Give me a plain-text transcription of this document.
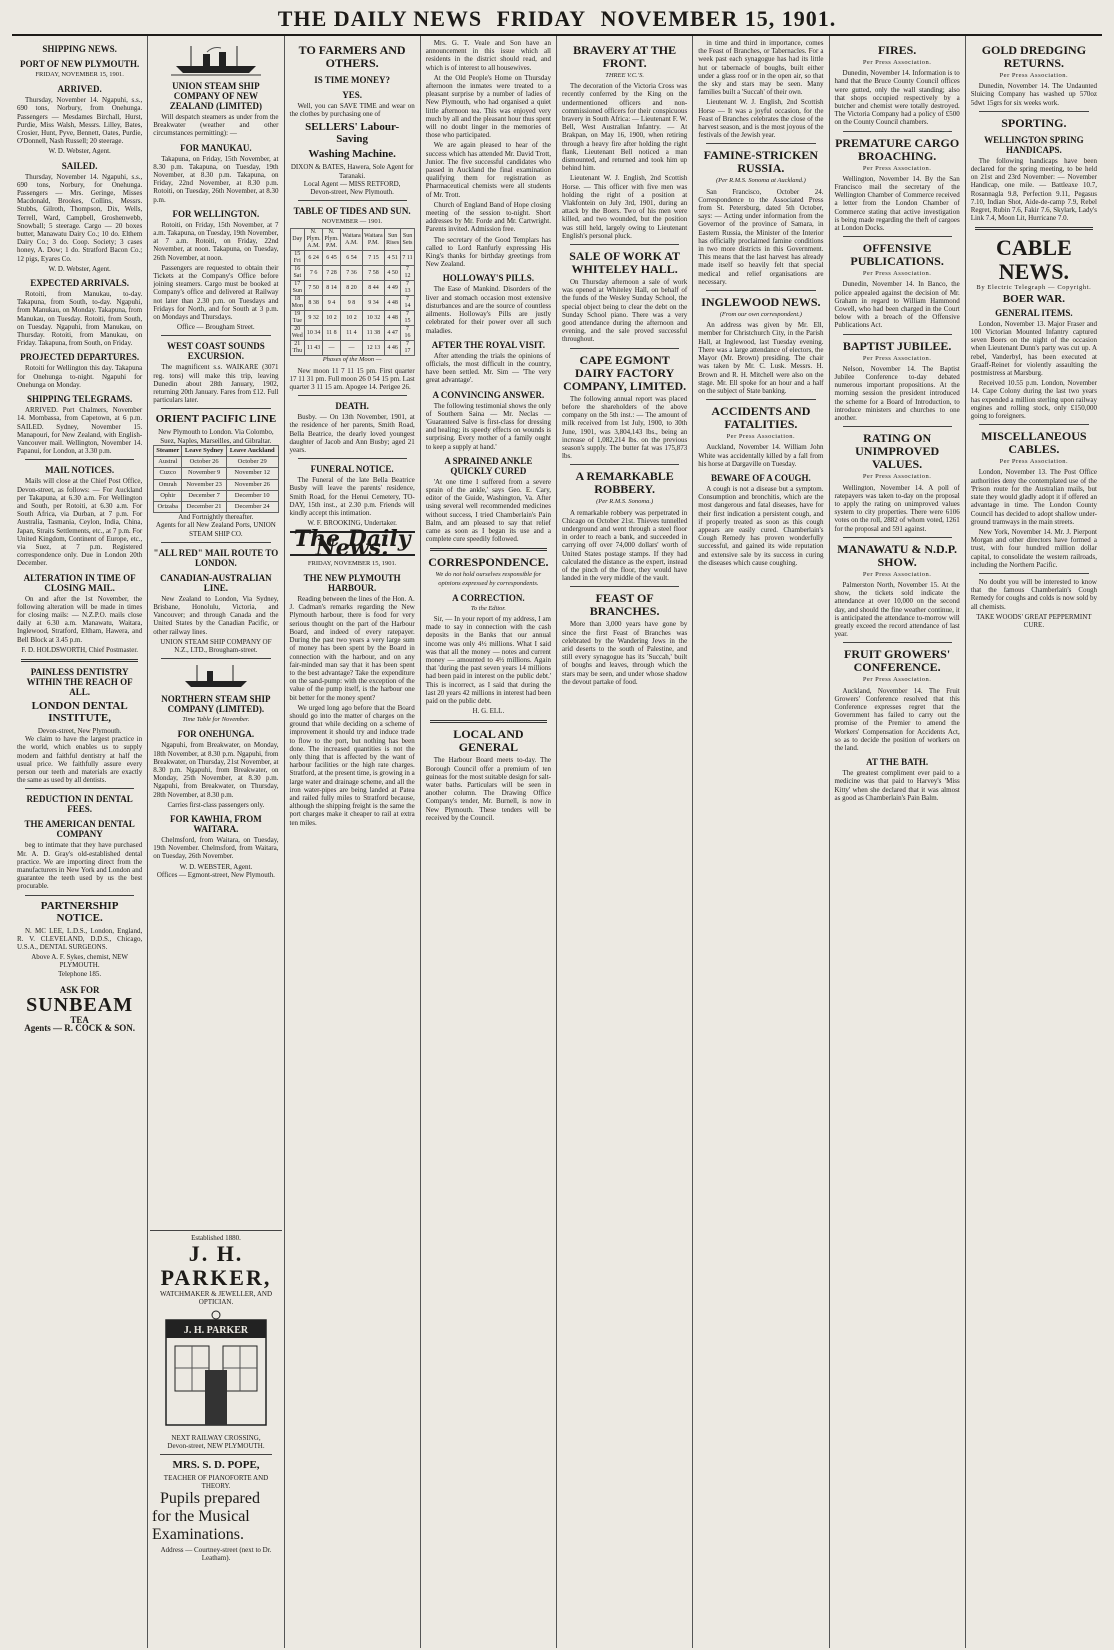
THE DAILY NEWS FRIDAY NOVEMBER 15, 1901.
SHIPPING NEWS.
PORT OF NEW PLYMOUTH.
FRIDAY, NOVEMBER 15, 1901.
ARRIVED.

Thursday, November 14. Ngapuhi, s.s., 690 tons, Norbury, from Onehunga. Passengers — Mesdames Birchall, Hurst, Purdie, Miss Walsh, Messrs. Lilley, Bates, Crosier, Hunt, Pyve, Bennett, Oates, Purdie, O'Donnell, Nash Russell; 20 steerage.

W. D. Webster, Agent.
SAILED.

Thursday, November 14. Ngapuhi, s.s., 690 tons, Norbury, for Onehunga. Passengers — Mrs. Geringe, Misses Macdonald, Brookes, Collins, Messrs. Stubbs, Gilroth, Thompson, Dix, Wells, Terrell, Ward, Campbell, Groshenwebb, Snowball; 5 steerage. Cargo — 20 boxes butter, Manawatu Dairy Co.; 10 do. Elthem Dairy Co.; 3 do. Coop. Society; 3 cases honey, A. Dow; 1 do. Stratford Bacon Co.; 12 pigs, Eyares Co.

W. D. Webster, Agent.
EXPECTED ARRIVALS.

Rotoiti, from Manukau, to-day. Takapuna, from South, to-day. Ngapuhi, from Manukau, on Monday. Takapuna, from Manukau, on Tuesday. Rotoiti, from South, on Tuesday. Ngapuhi, from Manukau, on Thursday. Rotoiti, from Manukau, on Friday. Takapuna, from South, on Friday.

PROJECTED DEPARTURES.

Rotoiti for Wellington this day. Takapuna for Onehunga to-night. Ngapuhi for Onehunga on Monday.

SHIPPING TELEGRAMS.

ARRIVED. Port Chalmers, November 14. Mombassa, from Capetown, at 6 p.m. SAILED. Sydney, November 15. Manapouri, for New Zealand, with English-Vancouver mail. Wellington, November 14. Papanui, for London, at 3.30 p.m.

MAIL NOTICES.

Mails will close at the Chief Post Office, Devon-street, as follows: — For Auckland per Takapuna, at 6.30 a.m. For Wellington and South, per Rotoiti, at 6.30 a.m. For South Africa, via Durban, at 7 p.m. For Australia, Tasmania, Ceylon, India, China, Japan, Straits Settlements, etc., at 7 p.m. For United Kingdom, Continent of Europe, etc., via Suez, at 7 p.m. Registered correspondence only. Due in London 20th December.

ALTERATION IN TIME OF CLOSING MAIL.

On and after the 1st November, the following alteration will be made in times for closing mails: — N.Z.P.O. mails close daily at 6.30 a.m. Manawatu, Waitara, Inglewood, Stratford, Eltham, Hawera, and Bell Block at 3.45 p.m.

F. D. HOLDSWORTH, Chief Postmaster.
PAINLESS DENTISTRY WITHIN THE REACH OF ALL.
LONDON DENTAL INSTITUTE,
Devon-street, New Plymouth.

We claim to have the largest practice in the world, which enables us to supply modern and faithful dentistry at half the usual price. We faithfully assure every person our teeth and materials are exactly the same as used by all dentists.

REDUCTION IN DENTAL FEES.
THE AMERICAN DENTAL COMPANY

beg to intimate that they have purchased Mr. A. D. Gray's old-established dental practice. We are importing direct from the manufacturers in New York and London and guarantee the teeth used by us the best procurable.

PARTNERSHIP NOTICE.

N. MC LEE, L.D.S., London, England, R. V. CLEVELAND, D.D.S., Chicago, U.S.A., DENTAL SURGEONS.

Above A. F. Sykes, chemist, NEW PLYMOUTH.
Telephone 185.
ASK FOR
SUNBEAM
TEA
Agents — R. COCK & SON.
UNION STEAM SHIP COMPANY OF NEW ZEALAND (LIMITED)

Will despatch steamers as under from the Breakwater (weather and other circumstances permitting): —

FOR MANUKAU.

Takapuna, on Friday, 15th November, at 8.30 p.m. Takapuna, on Tuesday, 19th November, at 8.30 p.m. Takapuna, on Friday, 22nd November, at 8.30 p.m. Rotoiti, on Tuesday, 26th November, at 8.30 p.m.

FOR WELLINGTON.

Rotoiti, on Friday, 15th November, at 7 a.m. Takapuna, on Tuesday, 19th November, at 7 a.m. Rotoiti, on Friday, 22nd November, at noon. Takapuna, on Tuesday, 26th November, at noon.

Passengers are requested to obtain their Tickets at the Company's Office before joining steamers. Cargo must be booked at Company's office and delivered at Railway not later than 2.30 p.m. on Tuesdays and Fridays for North, and for South at 3 p.m. on Mondays and Thursdays.

Office — Brougham Street.
WEST COAST SOUNDS EXCURSION.

The magnificent s.s. WAIKARE (3071 reg. tons) will make this trip, leaving Dunedin about 28th January, 1902, returning 20th January. Fares from £12. Full particulars later.

ORIENT PACIFIC LINE
New Plymouth to London. Via Colombo, Suez, Naples, Marseilles, and Gibraltar.
Steamer	Leave Sydney	Leave Auckland
Austral	October 26	October 29
Cuzco	November 9	November 12
Omrah	November 23	November 26
Ophir	December 7	December 10
Orizaba	December 21	December 24
And Fortnightly thereafter.
Agents for all New Zealand Ports, UNION STEAM SHIP CO.
"ALL RED" MAIL ROUTE TO LONDON.
CANADIAN-AUSTRALIAN LINE.

New Zealand to London, Via Sydney, Brisbane, Honolulu, Victoria, and Vancouver; and through Canada and the United States by the Canadian Pacific, or other railway lines.

UNION STEAM SHIP COMPANY OF N.Z., LTD., Brougham-street.
NORTHERN STEAM SHIP COMPANY (LIMITED).
Time Table for November.
FOR ONEHUNGA.

Ngapuhi, from Breakwater, on Monday, 18th November, at 8.30 p.m. Ngapuhi, from Breakwater, on Thursday, 21st November, at 8.30 p.m. Ngapuhi, from Breakwater, on Monday, 25th November, at 8.30 p.m. Ngapuhi, from Breakwater, on Thursday, 28th November, at 8.30 p.m.

Carries first-class passengers only.
FOR KAWHIA, FROM WAITARA.

Chelmsford, from Waitara, on Tuesday, 19th November. Chelmsford, from Waitara, on Tuesday, 26th November.

W. D. WEBSTER, Agent.
Offices — Egmont-street, New Plymouth.
TO FARMERS AND OTHERS.
IS TIME MONEY?
YES.

Well, you can SAVE TIME and wear on the clothes by purchasing one of

SELLERS' Labour-Saving
Washing Machine.
DIXON & BATES, Hawera, Sole Agent for Taranaki.
Local Agent — MISS RETFORD,
Devon-street, New Plymouth.
TABLE OF TIDES AND SUN.
NOVEMBER — 1901.
Day	N. Plym. A.M.	N. Plym. P.M.	Waitara A.M.	Waitara P.M.	Sun Rises	Sun Sets
15 Fri	6 24	6 45	6 54	7 15	4 51	7 11
16 Sat	7 6	7 28	7 36	7 58	4 50	7 12
17 Sun	7 50	8 14	8 20	8 44	4 49	7 13
18 Mon	8 38	9 4	9 8	9 34	4 48	7 14
19 Tue	9 32	10 2	10 2	10 32	4 48	7 15
20 Wed	10 34	11 8	11 4	11 38	4 47	7 16
21 Thu	11 43	—	—	12 13	4 46	7 17
Phases of the Moon —

New moon 11 7 11 15 pm. First quarter 17 11 31 pm. Full moon 26 0 54 15 pm. Last quarter 3 11 15 am. Apogee 14. Perigee 26.

DEATH.

Busby. — On 13th November, 1901, at the residence of her parents, Smith Road, Bella Beatrice, the dearly loved youngest daughter of Jacob and Ann Busby; aged 21 years.

FUNERAL NOTICE.

The Funeral of the late Bella Beatrice Busby will leave the parents' residence, Smith Road, for the Henui Cemetery, TO-DAY, 15th inst., at 2.30 p.m. Friends will kindly accept this intimation.

W. F. BROOKING, Undertaker.
The Daily News.
FRIDAY, NOVEMBER 15, 1901.
THE NEW PLYMOUTH HARBOUR.

Reading between the lines of the Hon. A. J. Cadman's remarks regarding the New Plymouth harbour, there is food for very serious thought on the part of the Harbour Board, and indeed of every ratepayer. During the past two years a very large sum of money has been spent by the Board in connection with the harbour, and on any fair-minded man say that it has been spent to the best advantage? Take the expenditure on the sand-pump: with the exception of the value of the pump itself, is the harbour one bit better for the money spent?

We urged long ago before that the Board should go into the matter of charges on the ground that while deciding on a scheme of improvement it should try and induce trade to flow to the port, but nothing has been done. The increased quantities is not the only thing that is affected by the want of harbour facilities or the high rate charges. Stratford, at the present time, is growing in a large water and drainage scheme, and all the iron water-pipes are being landed at Patea and railed fully miles to Stratford because, although the shipping freight is the same the port charges make it cheaper to rail at extra ten miles.

Mrs. G. T. Veale and Son have an announcement in this issue which all residents in the district should read, and which is of interest to all housewives.

At the Old People's Home on Thursday afternoon the inmates were treated to a pleasant surprise by a number of ladies of New Plymouth, who had organised a quiet little afternoon tea. This was enjoyed very much by all and the pleasant hour thus spent will no doubt linger in the memories of those who participated.

We are again pleased to hear of the success which has attended Mr. David Trott, Junior. The five successful candidates who passed in Auckland the final examination qualifying them for registration as Pharmaceutical chemists were all students of Mr. Trott.

Church of England Band of Hope closing meeting of the session to-night. Short addresses by Mr. Forde and Mr. Cartwright. Parents invited. Admission free.

The secretary of the Good Templars has called to Lord Ranfurly expressing His King's thanks for birthday greetings from New Zealand.

HOLLOWAY'S PILLS.

The Ease of Mankind. Disorders of the liver and stomach occasion most extensive disturbances and are the source of countless ailments. Holloway's Pills are justly celebrated for their power over all such maladies.

AFTER THE ROYAL VISIT.

After attending the trials the opinions of officials, the most difficult in the country, have been settled. Mr. Sim — 'The very great advantage'.

A CONVINCING ANSWER.

The following testimonial shows the only of Southern Saina — Mr. Neclas — 'Guaranteed Salve is first-class for dressing and healing; its speedy effects on wounds is surprising. Every mother of a family ought to keep a supply at hand.'

A SPRAINED ANKLE QUICKLY CURED

'At one time I suffered from a severe sprain of the ankle,' says Geo. E. Cary, editor of the Guide, Washington, Va. After using several well recommended medicines without success, I tried Chamberlain's Pain Balm, and am pleased to say that relief came as soon as I began its use and a complete cure speedily followed.

CORRESPONDENCE.
We do not hold ourselves responsible for opinions expressed by correspondents.
A CORRECTION.
To the Editor.

Sir, — In your report of my address, I am made to say in connection with the cash deposits in the Banks that our annual income was only 4½ millions. What I said was that all the money — notes and current money — amounted to 4½ millions. Again that 'during the past seven years 14 millions had been paid in interest on the public debt.' This is incorrect, as I said that during the last 20 years 42 millions in interest had been paid on the public debt.

H. G. ELL.
LOCAL AND GENERAL

The Harbour Board meets to-day. The Borough Council offer a premium of ten guineas for the most suitable design for salt-water baths. Particulars will be seen in another column. The Drawing Office Company's tender, Mr. Burnell, is now in New Plymouth. These tenders will be received by the Council.

BRAVERY AT THE FRONT.
THREE V.C.'S.

The decoration of the Victoria Cross was recently conferred by the King on the undermentioned officers and non-commissioned officers for their conspicuous bravery in South Africa: — Lieutenant F. W. Bell, West Australian Infantry. — At Brakpan, on May 16, 1900, when retiring through a heavy fire after holding the right flank, Lieutenant Bell noticed a man dismounted, and returned and took him up behind him.

Lieutenant W. J. English, 2nd Scottish Horse. — This officer with five men was holding the right of a position at Vlakfontein on July 3rd, 1901, during an attack by the Boers. Two of his men were killed, and two wounded, but the position was still held, largely owing to Lieutenant English's personal pluck.

SALE OF WORK AT WHITELEY HALL.

On Thursday afternoon a sale of work was opened at Whiteley Hall, on behalf of the funds of the Wesley Sunday School, the special object being to clear the debt on the Sunday School piano. There was a very good attendance during the afternoon and evening, and the sale proved successful throughout.

CAPE EGMONT DAIRY FACTORY COMPANY, LIMITED.

The following annual report was placed before the shareholders of the above company on the 5th inst.: — The amount of milk received from 1st July, 1900, to 30th June, 1901, was 3,804,143 lbs., being an increase of 1,082,214 lbs. on the previous season's supply. The butter fat was 175,873 lbs.

A REMARKABLE ROBBERY.
(Per R.M.S. Sonoma.)

A remarkable robbery was perpetrated in Chicago on October 21st. Thieves tunnelled underground and went through a steel floor in order to reach a bank, and succeeded in carrying off over 74,000 dollars' worth of United States postage stamps. If they had calculated the distance as the expert, instead of the pinch of the floor, they would have landed in the very middle of the vault.

FEAST OF BRANCHES.

More than 3,000 years have gone by since the first Feast of Branches was celebrated by the Wandering Jews in the arid deserts to the south of Palestine, and still every synagogue has its 'Succah,' built of boughs and leaves, through which the stars may be seen, and under whose shadow the devout partake of food.

in time and third in importance, comes the Feast of Branches, or Tabernacles. For a week past each synagogue has had its little hut or tabernacle of boughs, built either under a glass roof or in the open air, so that the sky and stars may be seen. Many families built a 'Succah' of their own.

Lieutenant W. J. English, 2nd Scottish Horse — It was a joyful occasion, for the Feast of Branches celebrates the close of the harvest season, and is the most joyous of the festivals of the Jewish year.

FAMINE-STRICKEN RUSSIA.
(Per R.M.S. Sonoma at Auckland.)

San Francisco, October 24. Correspondence to the Associated Press from St. Petersburg, dated 5th October, says: — Acting under information from the Governor of the province of Samara, in Eastern Russia, the Minister of the Interior has officially proclaimed famine conditions in two more districts in this Government. This means that the last harvest has already made itself so heavily felt that special medical and relief organisations are necessary.

INGLEWOOD NEWS.
(From our own correspondent.)

An address was given by Mr. Ell, member for Christchurch City, in the Parish Hall, at Inglewood, last Tuesday evening. There was a large attendance of electors, the Mayor (Mr. Brown) presiding. The chair was taken by Mr. C. Lusk. Messrs. H. Brown and R. H. Mitchell were also on the stage. Mr. Ell spoke for an hour and a half on the subject of State banking.

ACCIDENTS AND FATALITIES.
Per Press Association.

Auckland, November 14. William John White was accidentally killed by a fall from his horse at Dargaville on Tuesday.

BEWARE OF A COUGH.

A cough is not a disease but a symptom. Consumption and bronchitis, which are the most dangerous and fatal diseases, have for their first indication a persistent cough, and if properly treated as soon as this cough appears are easily cured. Chamberlain's Cough Remedy has proven wonderfully successful, and gained its wide reputation and extensive sale by its success in curing the diseases which cause coughing.

FIRES.
Per Press Association.

Dunedin, November 14. Information is to hand that the Bruce County Council offices were gutted, only the wall standing; also that shops occupied respectively by a butcher and chemist were totally destroyed. The Victoria Company had a policy of £500 on the County Council chambers.

PREMATURE CARGO BROACHING.
Per Press Association.

Wellington, November 14. By the San Francisco mail the secretary of the Wellington Chamber of Commerce received a letter from the London Chamber of Commerce stating that active investigation is being made regarding the theft of cargoes at London Docks.

OFFENSIVE PUBLICATIONS.
Per Press Association.

Dunedin, November 14. In Banco, the police appealed against the decision of Mr. Graham in regard to William Hammond Cowell, who had been charged in the Court below with a breach of the Offensive Publications Act.

BAPTIST JUBILEE.
Per Press Association.

Nelson, November 14. The Baptist Jubilee Conference to-day debated numerous important propositions. At the morning session the president introduced the scheme for a Board of Introduction, to introduce ministers and churches to one another.

RATING ON UNIMPROVED VALUES.
Per Press Association.

Wellington, November 14. A poll of ratepayers was taken to-day on the proposal to apply the rating on unimproved values system to city properties. There were 6106 votes on the roll, 2882 of whom voted, 1261 for the proposal and 591 against.

MANAWATU & N.D.P. SHOW.
Per Press Association.

Palmerston North, November 15. At the show, the tickets sold indicate the attendance at over 10,000 on the second day, and should the fine weather continue, it is anticipated the attendance to-morrow will greatly exceed the record attendance of last year.

FRUIT GROWERS' CONFERENCE.
Per Press Association.

Auckland, November 14. The Fruit Growers' Conference resolved that this Conference expresses regret that the Government has failed to carry out the promise of the Premier to amend the Workers' Compensation for Accidents Act, so as to decide the position of workers on the land.

AT THE BATH.

The greatest compliment ever paid to a medicine was that paid to Harvey's 'Miss Kitty' when she declared that it was almost as good as Chamberlain's Pain Balm.

GOLD DREDGING RETURNS.
Per Press Association.

Dunedin, November 14. The Undaunted Sluicing Company has washed up 570oz 5dwt 15grs for six weeks work.

SPORTING.
WELLINGTON SPRING HANDICAPS.

The following handicaps have been declared for the spring meeting, to be held on 21st and 23rd November: — November Handicap, one mile. — Battleaxe 10.7, Rosannagla 9.8, Perfection 9.11, Pegasus 7.10, Indian Shot, Aide-de-camp 7.9, Rebel Regret, Rubin 7.6, Fakir 7.6, Skylark, Lady's Link 7.4, Moon Lit, Hurricane 7.0.

CABLE NEWS.
By Electric Telegraph — Copyright.
BOER WAR.
GENERAL ITEMS.

London, November 13. Major Fraser and 100 Victorian Mounted Infantry captured seven Boers on the night of the occasion when Lieutenant Dunn's party was cut up. A rebel, Vanderbyl, has been executed at Graaff-Reinet for violently assaulting the postmistress at Marsburg.

Received 10.55 p.m. London, November 14. Cape Colony during the last two years has expended a million sterling upon railway engines and rolling stock, only £150,000 going to foreigners.

MISCELLANEOUS CABLES.
Per Press Association.

London, November 13. The Post Office authorities deny the contemplated use of the 'Prison route for the Australian mails, but state they would gladly adopt it if offered an advantage in time. The London County Council has decided to adopt shallow under-ground tramways in the main streets.

New York, November 14. Mr. J. Pierpont Morgan and other directors have formed a trust, with four hundred million dollar capital, to consolidate the western railroads, including the Northern Pacific.

No doubt you will be interested to know that the famous Chamberlain's Cough Remedy for coughs and colds is now sold by all chemists.

TAKE WOODS' GREAT PEPPERMINT CURE.
Established 1880.
J. H. PARKER,
WATCHMAKER & JEWELLER, AND OPTICIAN.
J. H. PARKER
NEXT RAILWAY CROSSING,
Devon-street, NEW PLYMOUTH.
MRS. S. D. POPE,
TEACHER OF PIANOFORTE AND THEORY.

Pupils prepared for the Musical Examinations.

Address — Courtney-street (next to Dr. Leatham).
